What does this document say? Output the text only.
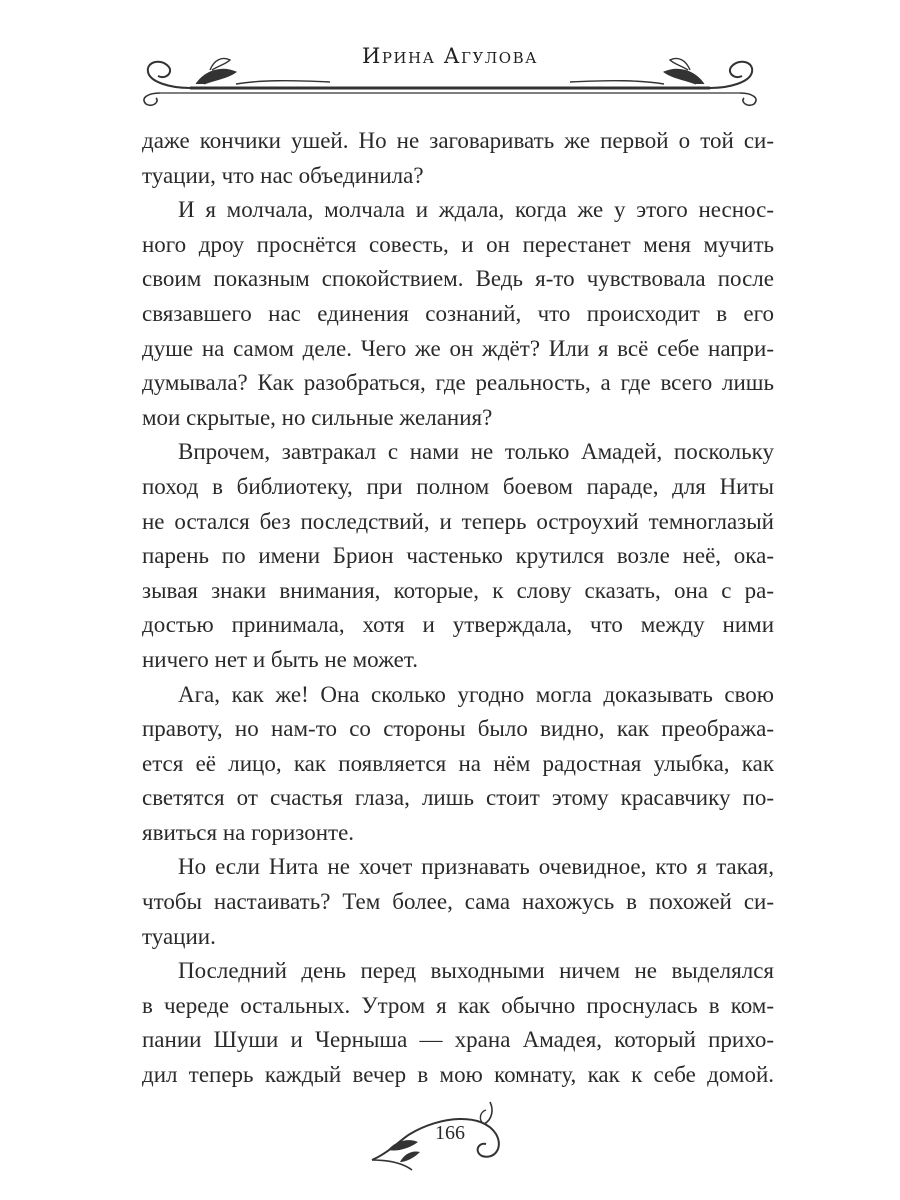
Ирина Агулова
даже кончики ушей. Но не заговаривать же первой о той си-
туации, что нас объединила?
И я молчала, молчала и ждала, когда же у этого неснос-
ного дроу проснётся совесть, и он перестанет меня мучить
своим показным спокойствием. Ведь я-то чувствовала после
связавшего нас единения сознаний, что происходит в его
душе на самом деле. Чего же он ждёт? Или я всё себе напри-
думывала? Как разобраться, где реальность, а где всего лишь
мои скрытые, но сильные желания?
Впрочем, завтракал с нами не только Амадей, поскольку
поход в библиотеку, при полном боевом параде, для Ниты
не остался без последствий, и теперь остроухий темноглазый
парень по имени Брион частенько крутился возле неё, ока-
зывая знаки внимания, которые, к слову сказать, она с ра-
достью принимала, хотя и утверждала, что между ними
ничего нет и быть не может.
Ага, как же! Она сколько угодно могла доказывать свою
правоту, но нам-то со стороны было видно, как преобража-
ется её лицо, как появляется на нём радостная улыбка, как
светятся от счастья глаза, лишь стоит этому красавчику по-
явиться на горизонте.
Но если Нита не хочет признавать очевидное, кто я такая,
чтобы настаивать? Тем более, сама нахожусь в похожей си-
туации.
Последний день перед выходными ничем не выделялся
в череде остальных. Утром я как обычно проснулась в ком-
пании Шуши и Черныша — храна Амадея, который прихо-
дил теперь каждый вечер в мою комнату, как к себе домой.
166
